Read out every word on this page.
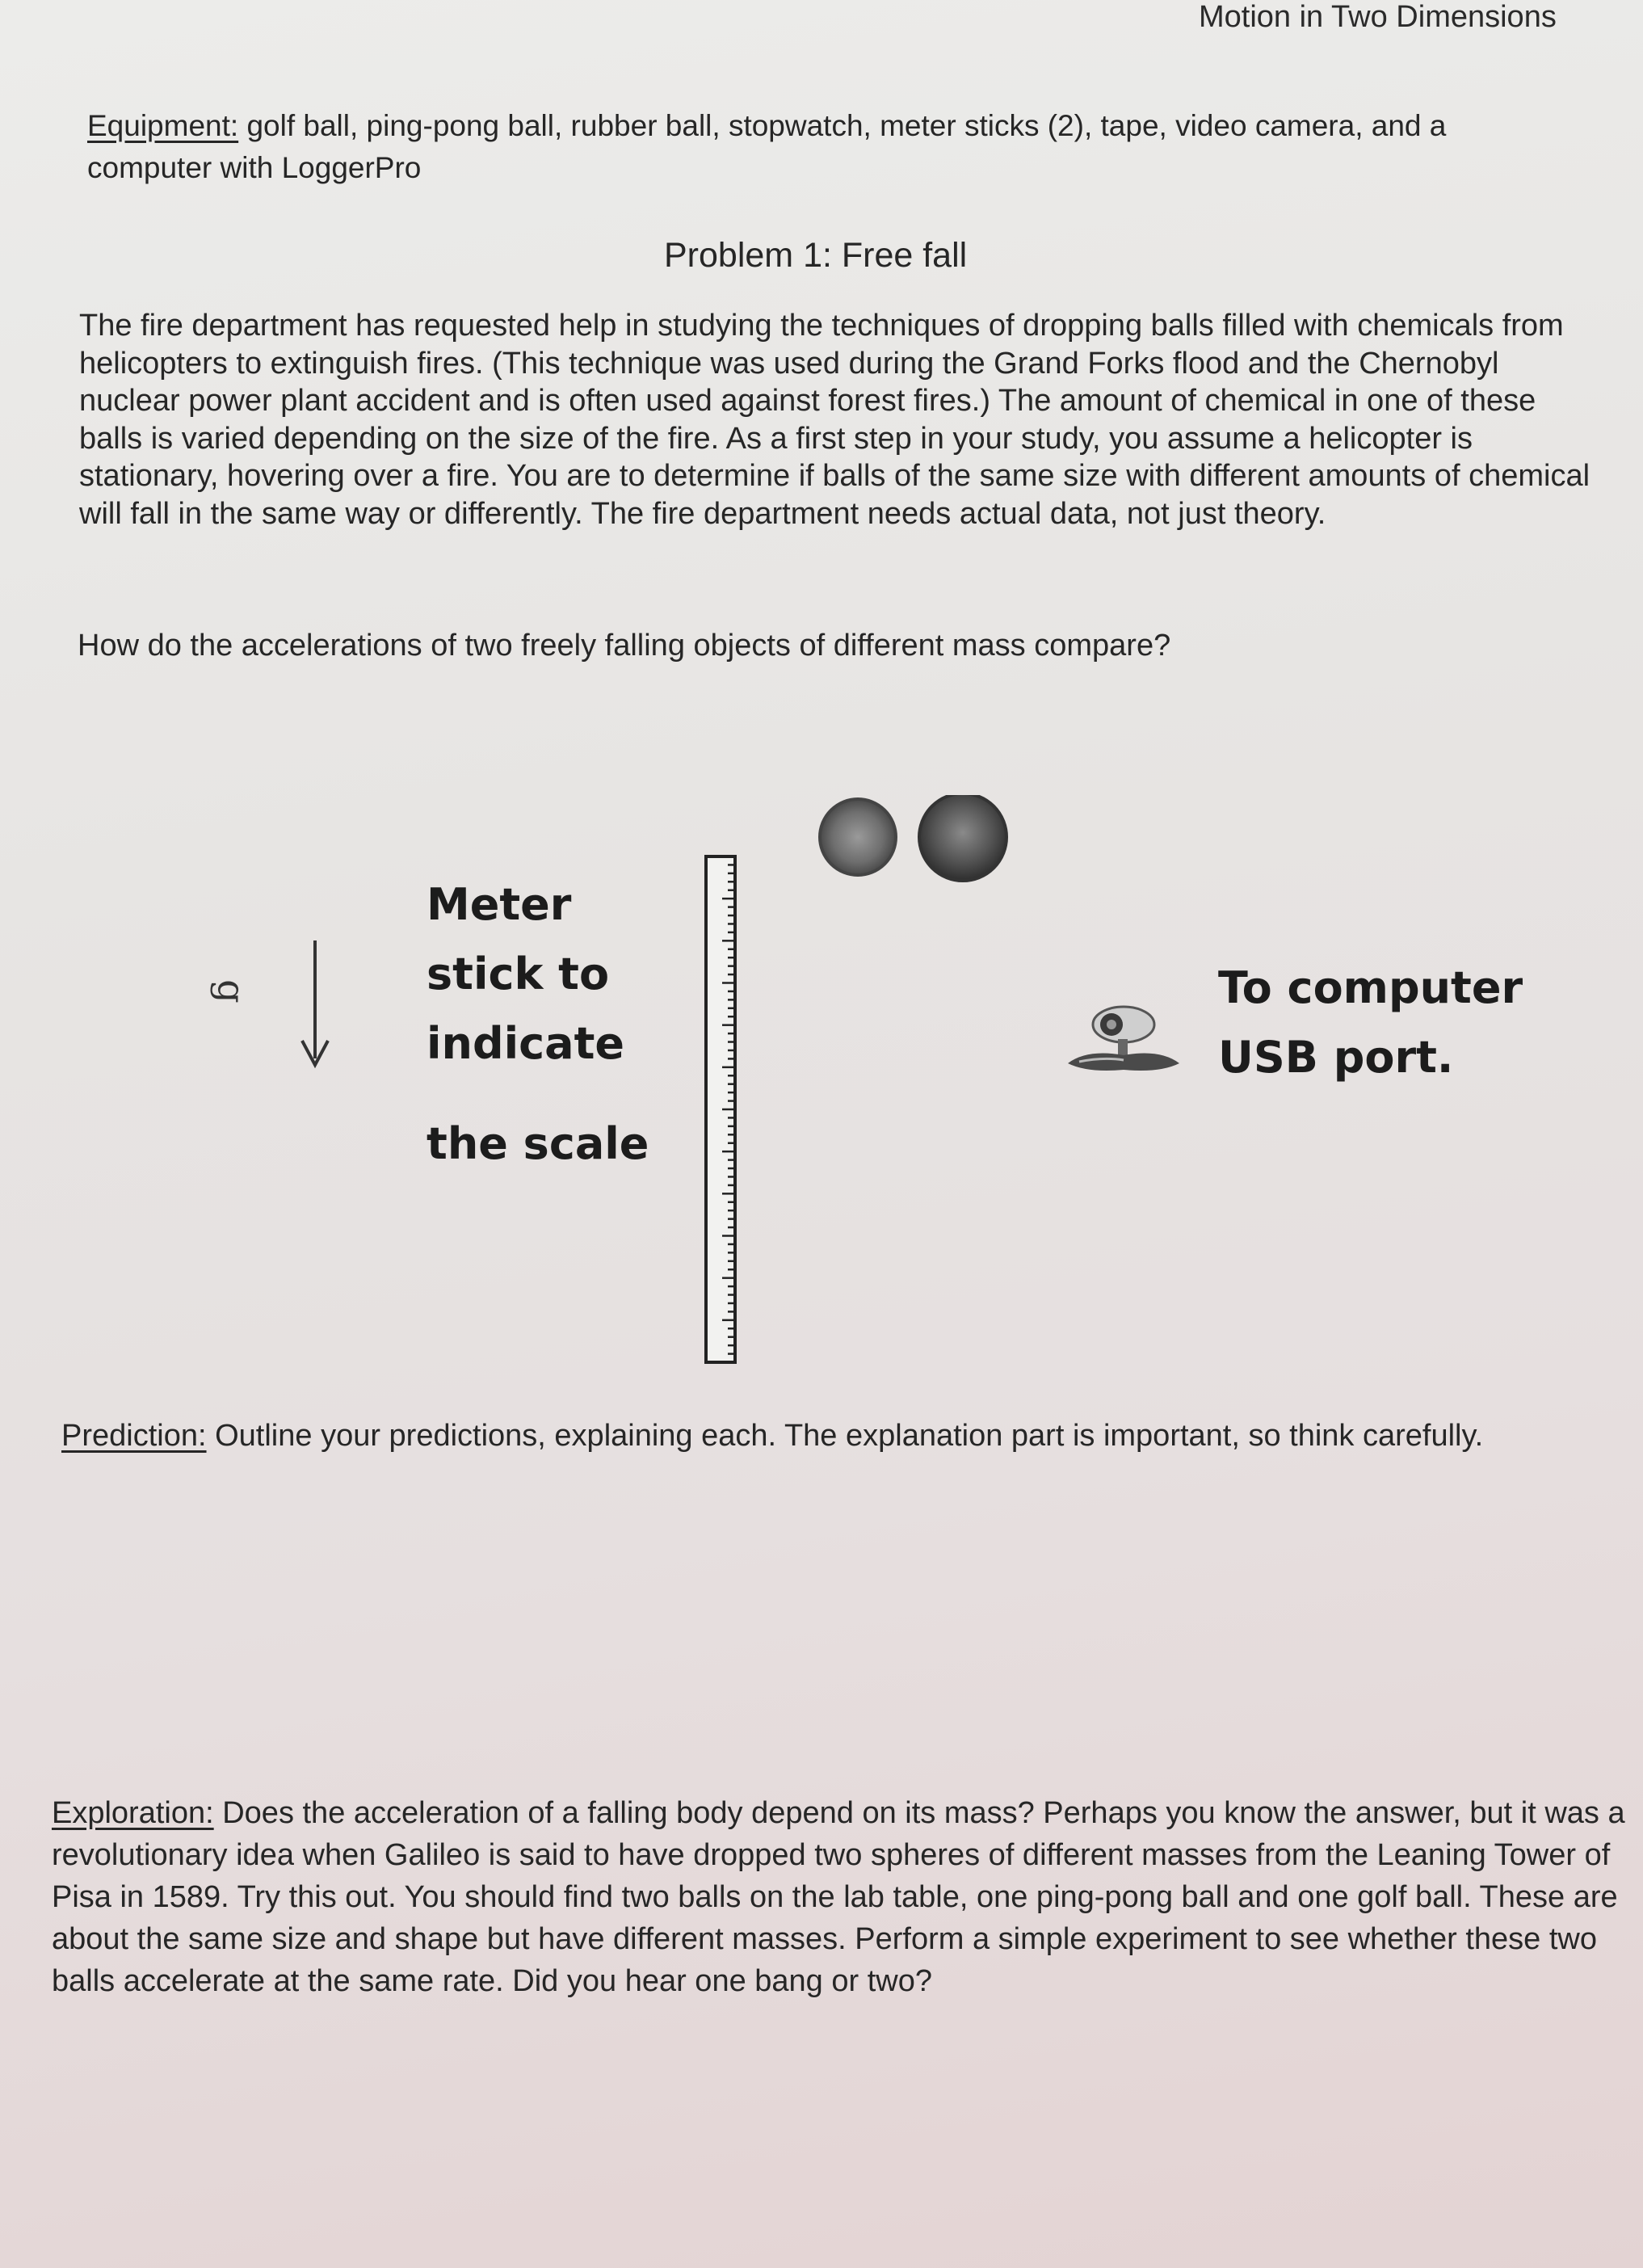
Motion in Two Dimensions
Equipment: golf ball, ping-pong ball, rubber ball, stopwatch, meter sticks (2), tape, video camera, and a computer with LoggerPro
Problem 1: Free fall
The fire department has requested help in studying the techniques of dropping balls filled with chemicals from helicopters to extinguish fires. (This technique was used during the Grand Forks flood and the Chernobyl nuclear power plant accident and is often used against forest fires.) The amount of chemical in one of these balls is varied depending on the size of the fire. As a first step in your study, you assume a helicopter is stationary, hovering over a fire. You are to determine if balls of the same size with different amounts of chemical will fall in the same way or differently. The fire department needs actual data, not just theory.
How do the accelerations of two freely falling objects of different mass compare?
g
Meter
stick to
indicate
the scale
To computer
USB port.
Prediction: Outline your predictions, explaining each. The explanation part is important, so think carefully.
Exploration: Does the acceleration of a falling body depend on its mass? Perhaps you know the answer, but it was a revolutionary idea when Galileo is said to have dropped two spheres of different masses from the Leaning Tower of Pisa in 1589. Try this out. You should find two balls on the lab table, one ping-pong ball and one golf ball. These are about the same size and shape but have different masses. Perform a simple experiment to see whether these two balls accelerate at the same rate. Did you hear one bang or two?
